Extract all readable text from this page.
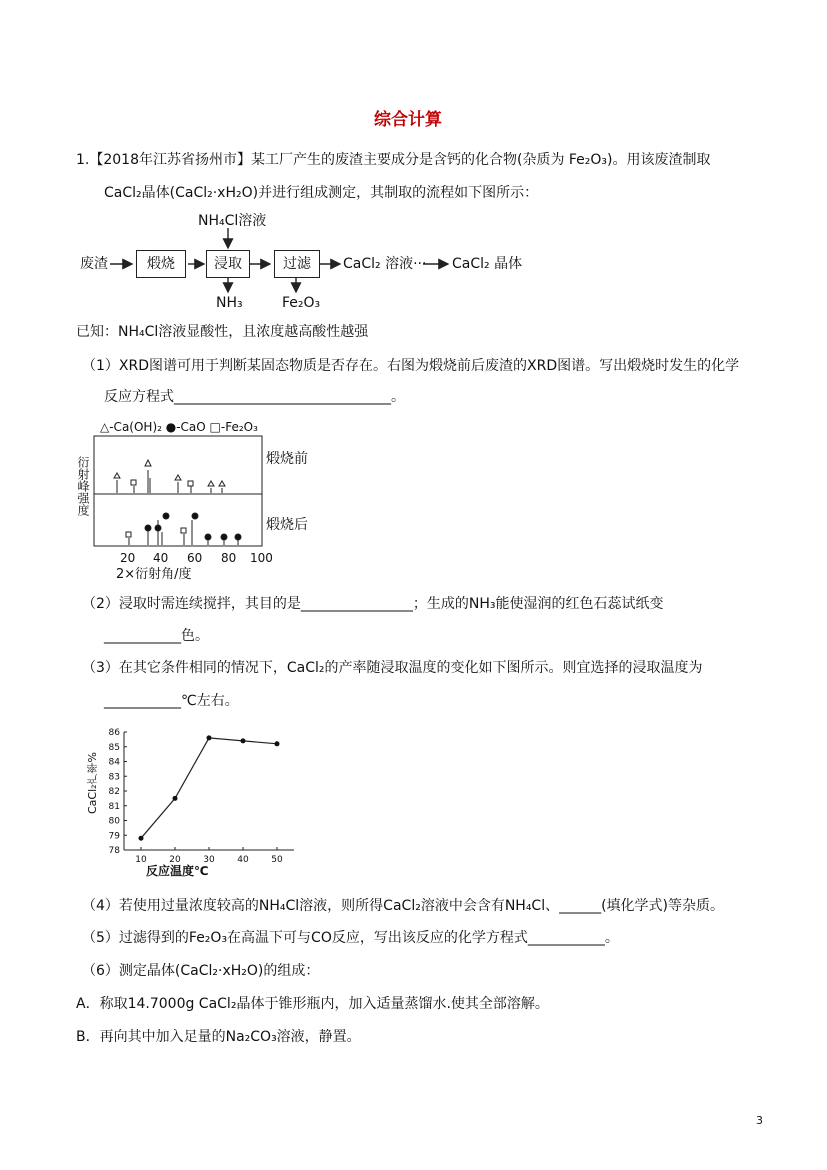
综合计算
1.【2018年江苏省扬州市】某工厂产生的废渣主要成分是含钙的化合物(杂质为 Fe₂O₃)。用该废渣制取
CaCl₂晶体(CaCl₂·xH₂O)并进行组成测定，其制取的流程如下图所示：
NH₄Cl溶液
废渣	煅烧	浸取	过滤
NH₃	Fe₂O₃
CaCl₂ 溶液··· CaCl₂ 晶体
已知：NH₄Cl溶液显酸性，且浓度越高酸性越强
（1）XRD图谱可用于判断某固态物质是否存在。右图为煅烧前后废渣的XRD图谱。写出煅烧时发生的化学
反应方程式_______________________________。
△-Ca(OH)₂ ●-CaO □-Fe₂O₃
衍射峰强度
20 40 60 80 100
2×衍射角/度
煅烧前
煅烧后
（2）浸取时需连续搅拌，其目的是________________；生成的NH₃能使湿润的红色石蕊试纸变
___________色。
（3）在其它条件相同的情况下，CaCl₂的产率随浸取温度的变化如下图所示。则宜选择的浸取温度为
___________℃左右。
78
79
80
81
82
83
84
85
86
10	20	30	40	50
CaCl₂产率%
反应温度℃
（4）若使用过量浓度较高的NH₄Cl溶液，则所得CaCl₂溶液中会含有NH₄Cl、______(填化学式)等杂质。
（5）过滤得到的Fe₂O₃在高温下可与CO反应，写出该反应的化学方程式___________。
（6）测定晶体(CaCl₂·xH₂O)的组成：
A．称取14.7000g CaCl₂晶体于锥形瓶内，加入适量蒸馏水.使其全部溶解。
B．再向其中加入足量的Na₂CO₃溶液，静置。
3
